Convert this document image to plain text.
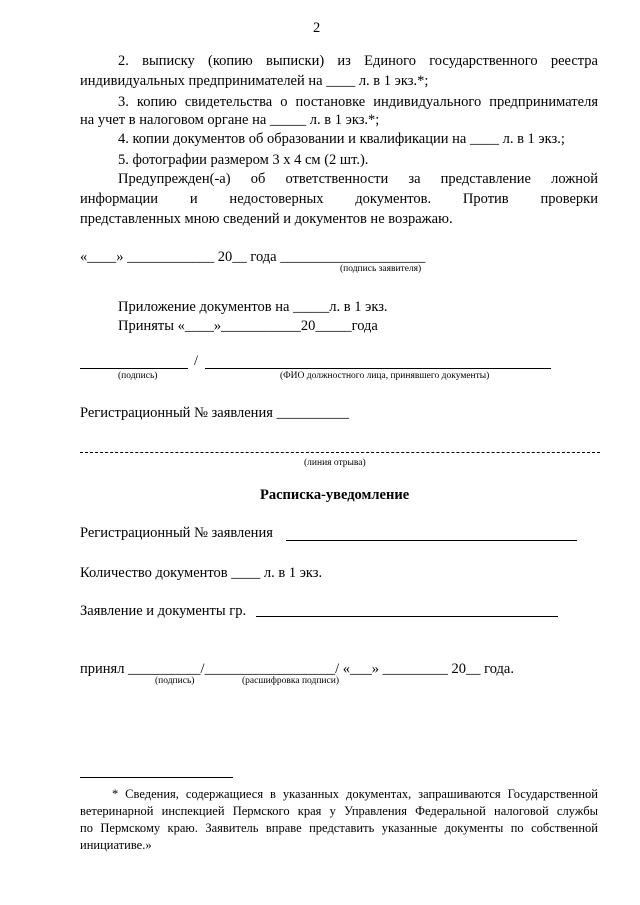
2
2. выписку (копию выписки) из Единого государственного реестра
индивидуальных предпринимателей на ____ л. в 1 экз.*;
3. копию свидетельства о постановке индивидуального предпринимателя
на учет в налоговом органе на _____ л. в 1 экз.*;
4. копии документов об образовании и квалификации на ____ л. в 1 экз.;
5. фотографии размером 3 х 4 см (2 шт.).
Предупрежден(-а) об ответственности за представление ложной
информации и недостоверных документов. Против проверки
представленных мною сведений и документов не возражаю.
«____» ____________ 20__ года ____________________
(подпись заявителя)
Приложение документов на _____л. в 1 экз.
Приняты «____»___________20_____года
/
(подпись)	(ФИО должностного лица, принявшего документы)
Регистрационный № заявления __________
(линия отрыва)
Расписка-уведомление
Регистрационный № заявления
Количество документов ____ л. в 1 экз.
Заявление и документы гр.
принял __________/__________________/ «___» _________ 20__ года.
(подпись)	(расшифровка подписи)
* Сведения, содержащиеся в указанных документах, запрашиваются Государственной
ветеринарной инспекцией Пермского края у Управления Федеральной налоговой службы
по Пермскому краю. Заявитель вправе представить указанные документы по собственной
инициативе.»
